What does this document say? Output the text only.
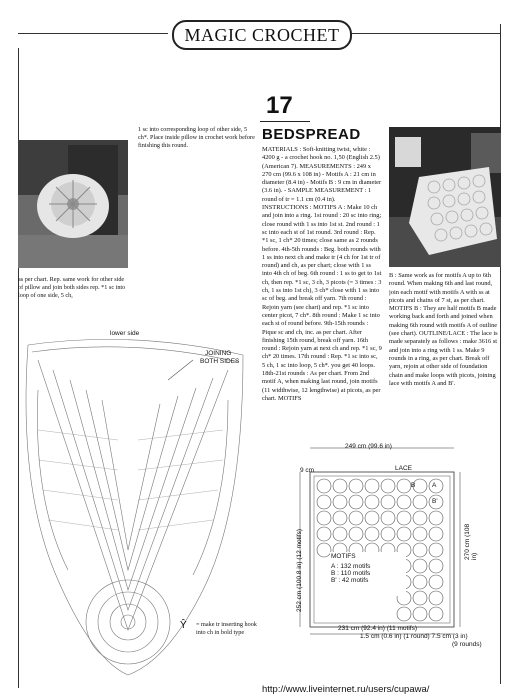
MAGIC CROCHET
1 sc into corresponding loop of other side, 5 ch*. Place inside pillow in crochet work before finishing this round.
as per chart. Rep. same work for other side of pillow and join both sides rep. *1 sc into loop of one side, 5 ch,
17
BEDSPREAD
MATERIALS : Soft-knitting twist, white : 4200 g - a crochet hook no. 1,50 (English 2.5) (American 7). MEASUREMENTS : 249 x 270 cm (99.6 x 108 in) - Motifs A : 21 cm in diameter (8.4 in) - Motifs B : 9 cm in diameter (3.6 in). - SAMPLE MEASUREMENT : 1 round of tr = 1.1 cm (0.4 in). INSTRUCTIONS : MOTIFS A : Make 10 ch and join into a ring. 1st round : 20 sc into ring; close round with 1 ss into 1st st. 2nd round : 1 sc into each st of 1st round. 3rd round : Rep. *1 sc, 1 ch* 20 times; close same as 2 rounds before. 4th-5th rounds : Beg. both rounds with 1 ss into next ch and make tr (4 ch for 1st tr of round) and ch, as per chart; close with 1 ss into 4th ch of beg. 6th round : 1 ss to get to 1st ch, then rep. *1 sc, 3 ch, 3 picots (= 3 times : 3 ch, 1 ss into 1st ch), 3 ch* close with 1 ss into sc of beg. and break off yarn. 7th round : Rejoin yarn (see chart) and rep. *1 sc into center picot, 7 ch*. 8th round : Make 1 sc into each st of round before. 9th-15th rounds : Pique sc and ch, inc. as per chart. After finishing 15th round, break off yarn. 16th round : Rejoin yarn at next ch and rep. *1 sc, 9 ch* 20 times. 17th round : Rep. *1 sc into sc, 5 ch, 1 sc into loop, 5 ch*. you get 40 loops. 18th-21st rounds : As per chart. From 2nd motif A, when making last round, join motifs (11 widthwise, 12 lengthwise) at picots, as per chart. MOTIFS
B : Same work as for motifs A up to 6th round. When making 6th and last round, join each motif with motifs A with ss at picots and chains of 7 st, as per chart. MOTIFS B : They are half motifs B made working back and forth and joined when making 6th round with motifs A of outline (see chart). OUTLINE/LACE : The lace is made separately as follows : make 3616 st and join into a ring with 1 ss. Make 9 rounds in a ring, as per chart. Break off yarn, rejoin at other side of foundation chain and make loops with picots, joining lace with motifs A and B'.
lower side
JOINING
BOTH SIDES
Ŷ = make tr inserting hook into ch in bold type
249 cm (99.6 in)
LACE
9 cm
270 cm (108 in)
252 cm (100.8 in) (12 motifs)
231 cm (92.4 in) (11 motifs)
1.5 cm (0.6 in) (1 round) 7.5 cm (3 in)
(9 rounds)
A
B
B'
MOTIFS
A : 132 motifs
B : 110 motifs
B' : 42 motifs
http://www.liveinternet.ru/users/cupawa/
